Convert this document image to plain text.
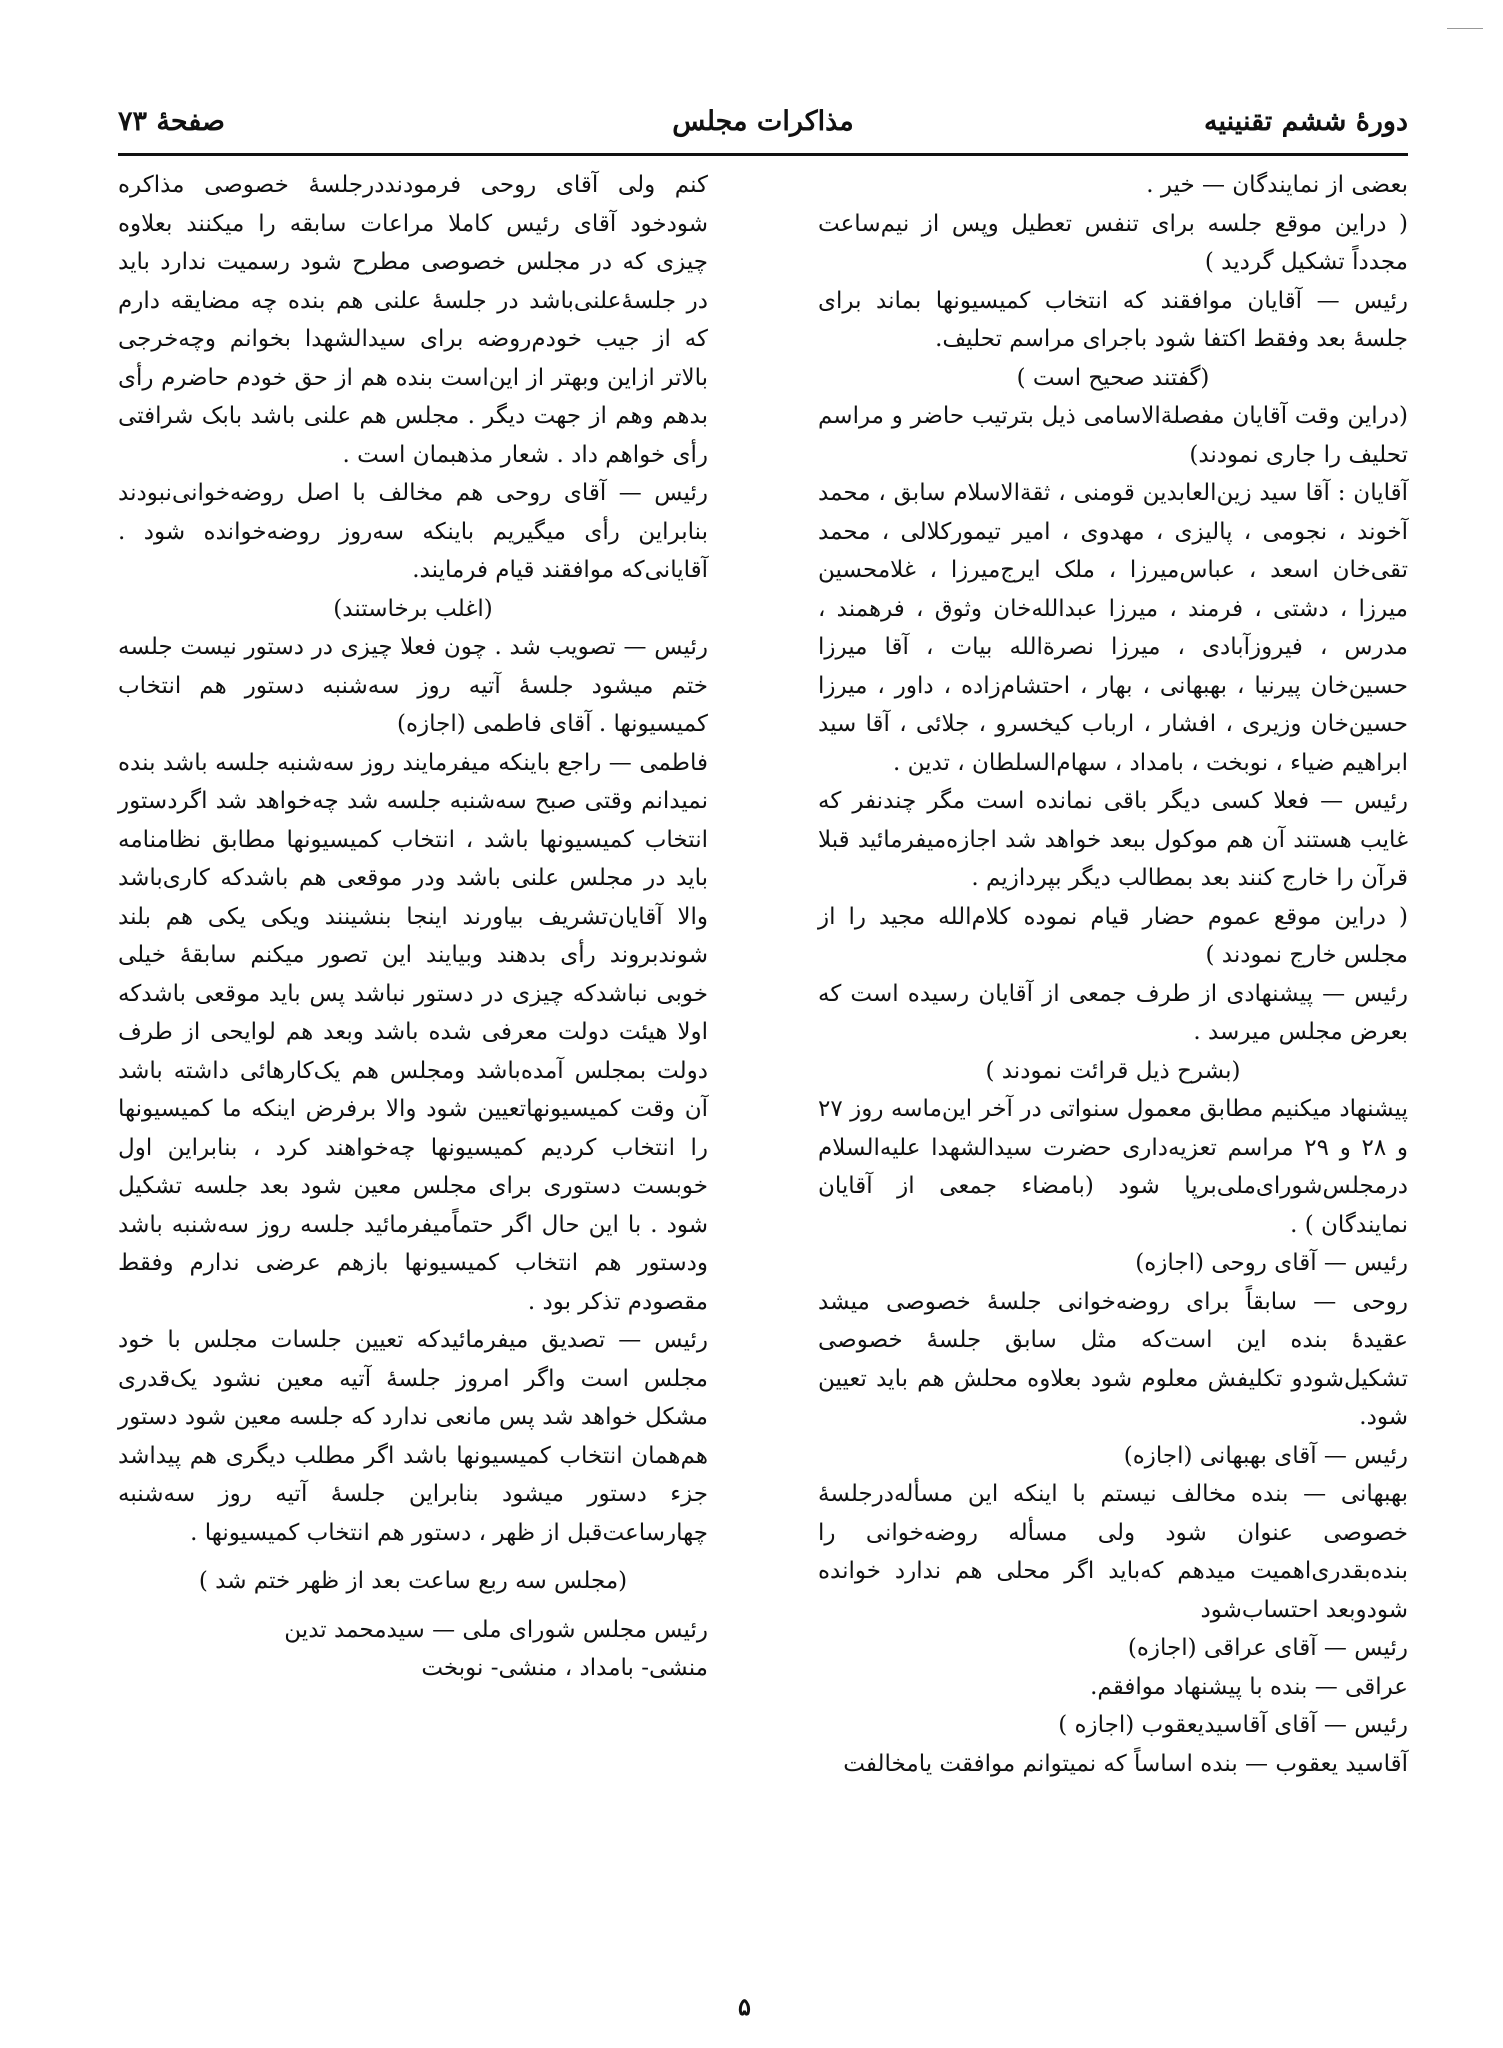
دورهٔ ششم تقنینیه
مذاکرات مجلس
صفحهٔ ۷۳

بعضی از نمایندگان — خیر .

( دراین موقع جلسه برای تنفس تعطیل وپس از نیم‌ساعت مجدداً تشکیل گردید )

رئیس — آقایان موافقند که انتخاب کمیسیونها بماند برای جلسهٔ بعد وفقط اکتفا شود باجرای مراسم تحلیف.

(گفتند صحیح است )

(دراین وقت آقایان مفصلةالاسامی ذیل بترتیب حاضر و مراسم تحلیف را جاری نمودند)

آقایان : آقا سید زین‌العابدین قومنی ، ثقةالاسلام سابق ، محمد آخوند ، نجومی ، پالیزی ، مهدوی ، امیر تیمورکلالی ، محمد تقی‌خان اسعد ، عباس‌میرزا ، ملک ایرج‌میرزا ، غلامحسین میرزا ، دشتی ، فرمند ، میرزا عبدالله‌خان وثوق ، فرهمند ، مدرس ، فیروزآبادی ، میرزا نصرةالله بیات ، آقا میرزا حسین‌خان پیرنیا ، بهبهانی ، بهار ، احتشام‌زاده ، داور ، میرزا حسین‌خان وزیری ، افشار ، ارباب کیخسرو ، جلائی ، آقا سید ابراهیم ضیاء ، نوبخت ، بامداد ، سهام‌السلطان ، تدین .

رئیس — فعلا کسی دیگر باقی نمانده است مگر چندنفر که غایب هستند آن هم موکول ببعد خواهد شد اجازه‌میفرمائید قبلا قرآن را خارج کنند بعد بمطالب دیگر بپردازیم .

( دراین موقع عموم حضار قیام نموده کلام‌الله مجید را از مجلس خارج نمودند )

رئیس — پیشنهادی از طرف جمعی از آقایان رسیده است که بعرض مجلس میرسد .

(بشرح ذیل قرائت نمودند )

پیشنهاد میکنیم مطابق معمول سنواتی در آخر این‌ماسه روز ۲۷ و ۲۸ و ۲۹ مراسم تعزیه‌داری حضرت سیدالشهدا علیه‌السلام درمجلس‌شورای‌ملی‌برپا شود (بامضاء جمعی از آقایان نمایندگان ) .

رئیس — آقای روحی (اجازه)

روحی — سابقاً برای روضه‌خوانی جلسهٔ خصوصی میشد عقیدهٔ بنده این است‌که مثل سابق جلسهٔ خصوصی تشکیل‌شودو تکلیفش معلوم شود بعلاوه محلش هم باید تعیین شود.

رئیس — آقای بهبهانی (اجازه)

بهبهانی — بنده مخالف نیستم با اینکه این مسأله‌درجلسهٔ خصوصی عنوان شود ولی مسأله روضه‌خوانی را بنده‌بقدری‌اهمیت میدهم که‌باید اگر محلی هم ندارد خوانده شودوبعد احتساب‌شود

رئیس — آقای عراقی (اجازه)

عراقی — بنده با پیشنهاد موافقم.

رئیس — آقای آقاسیدیعقوب (اجازه )

آقاسید یعقوب — بنده اساساً که نمیتوانم موافقت یامخالفت

کنم ولی آقای روحی فرمودنددرجلسهٔ خصوصی مذاکره شودخود آقای رئیس کاملا مراعات سابقه را میکنند بعلاوه چیزی که در مجلس خصوصی مطرح شود رسمیت ندارد باید در جلسهٔ‌علنی‌باشد در جلسهٔ علنی هم بنده چه مضایقه دارم که از جیب خودم‌روضه برای سیدالشهدا بخوانم وچه‌خرجی بالاتر ازاین وبهتر از این‌است بنده هم از حق خودم حاضرم رأی بدهم وهم از جهت دیگر . مجلس هم علنی باشد بابک شرافتی رأی خواهم داد . شعار مذهبمان است .

رئیس — آقای روحی هم مخالف با اصل روضه‌خوانی‌نبودند بنابراین رأی میگیریم باینکه سه‌روز روضه‌خوانده شود . آقایانی‌که موافقند قیام فرمایند.

(اغلب برخاستند)

رئیس — تصویب شد . چون فعلا چیزی در دستور نیست جلسه ختم میشود جلسهٔ آتیه روز سه‌شنبه دستور هم انتخاب کمیسیونها . آقای فاطمی (اجازه)

فاطمی — راجع باینکه میفرمایند روز سه‌شنبه جلسه باشد بنده نمیدانم وقتی صبح سه‌شنبه جلسه شد چه‌خواهد شد اگردستور انتخاب کمیسیونها باشد ، انتخاب کمیسیونها مطابق نظامنامه باید در مجلس علنی باشد ودر موقعی هم باشدکه کاری‌باشد والا آقایان‌تشریف بیاورند اینجا بنشینند ویکی یکی هم بلند شوندبروند رأی بدهند وبیایند این تصور میکنم سابقهٔ خیلی خوبی نباشدکه چیزی در دستور نباشد پس باید موقعی باشدکه اولا هیئت دولت معرفی شده باشد وبعد هم لوایحی از طرف دولت بمجلس آمده‌باشد ومجلس هم یک‌کارهائی داشته باشد آن وقت کمیسیونهاتعیین شود والا برفرض اینکه ما کمیسیونها را انتخاب کردیم کمیسیونها چه‌خواهند کرد ، بنابراین اول خوبست دستوری برای مجلس معین شود بعد جلسه تشکیل شود . با این حال اگر حتماًمیفرمائید جلسه روز سه‌شنبه باشد ودستور هم انتخاب کمیسیونها بازهم عرضی ندارم وفقط مقصودم تذکر بود .

رئیس — تصدیق میفرمائیدکه تعیین جلسات مجلس با خود مجلس است واگر امروز جلسهٔ آتیه معین نشود یک‌قدری مشکل خواهد شد پس مانعی ندارد که جلسه معین شود دستور هم‌همان انتخاب کمیسیونها باشد اگر مطلب دیگری هم پیداشد جزء دستور میشود بنابراین جلسهٔ آتیه روز سه‌شنبه چهارساعت‌قبل از ظهر ، دستور هم انتخاب کمیسیونها .

(مجلس سه ربع ساعت بعد از ظهر ختم شد )

رئیس مجلس شورای ملی — سیدمحمد تدین

منشی- بامداد ، منشی- نوبخت

۵
